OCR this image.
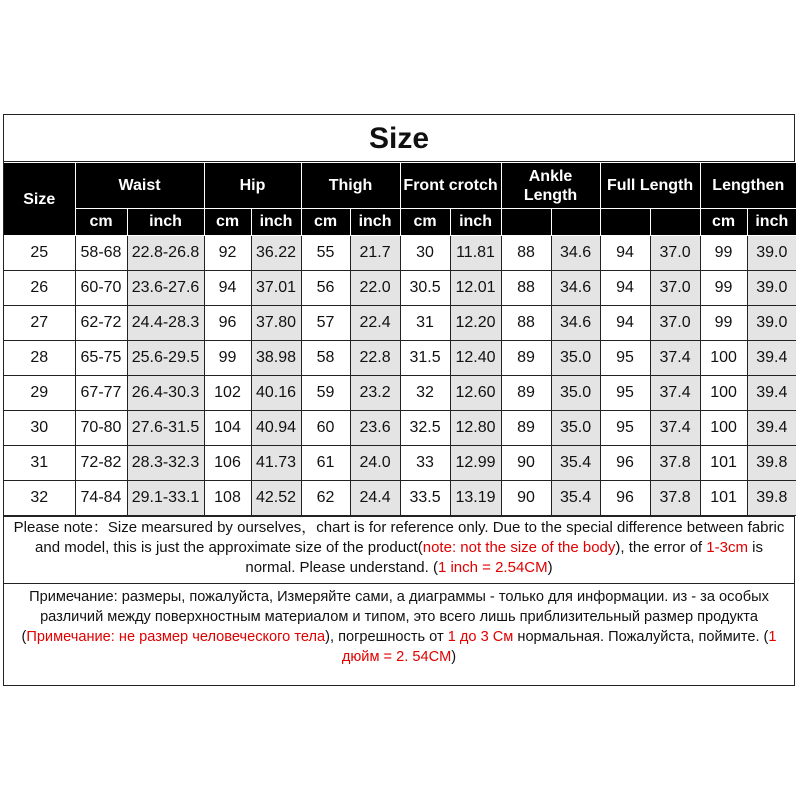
Size
Size	Waist		Hip		Thigh		Front crotch		Ankle Length		Full Length		Lengthen	
	cm	inch	cm	inch	cm	inch	cm	inch					cm	inch
25	58-68	22.8-26.8	92	36.22	55	21.7	30	11.81	88	34.6	94	37.0	99	39.0
26	60-70	23.6-27.6	94	37.01	56	22.0	30.5	12.01	88	34.6	94	37.0	99	39.0
27	62-72	24.4-28.3	96	37.80	57	22.4	31	12.20	88	34.6	94	37.0	99	39.0
28	65-75	25.6-29.5	99	38.98	58	22.8	31.5	12.40	89	35.0	95	37.4	100	39.4
29	67-77	26.4-30.3	102	40.16	59	23.2	32	12.60	89	35.0	95	37.4	100	39.4
30	70-80	27.6-31.5	104	40.94	60	23.6	32.5	12.80	89	35.0	95	37.4	100	39.4
31	72-82	28.3-32.3	106	41.73	61	24.0	33	12.99	90	35.4	96	37.8	101	39.8
32	74-84	29.1-33.1	108	42.52	62	24.4	33.5	13.19	90	35.4	96	37.8	101	39.8
Please note：Size mearsured by ourselves，chart is for reference only. Due to the special difference between fabric and model, this is just the approximate size of the product(note: not the size of the body), the error of 1-3cm is normal. Please understand. (1 inch = 2.54CM)
Примечание: размеры, пожалуйста, Измеряйте сами, а диаграммы - только для информации. из - за особых различий между поверхностным материалом и типом, это всего лишь приблизительный размер продукта (Примечание: не размер человеческого тела), погрешность от 1 до 3 См нормальная. Пожалуйста, поймите. (1 дюйм = 2. 54CM)
